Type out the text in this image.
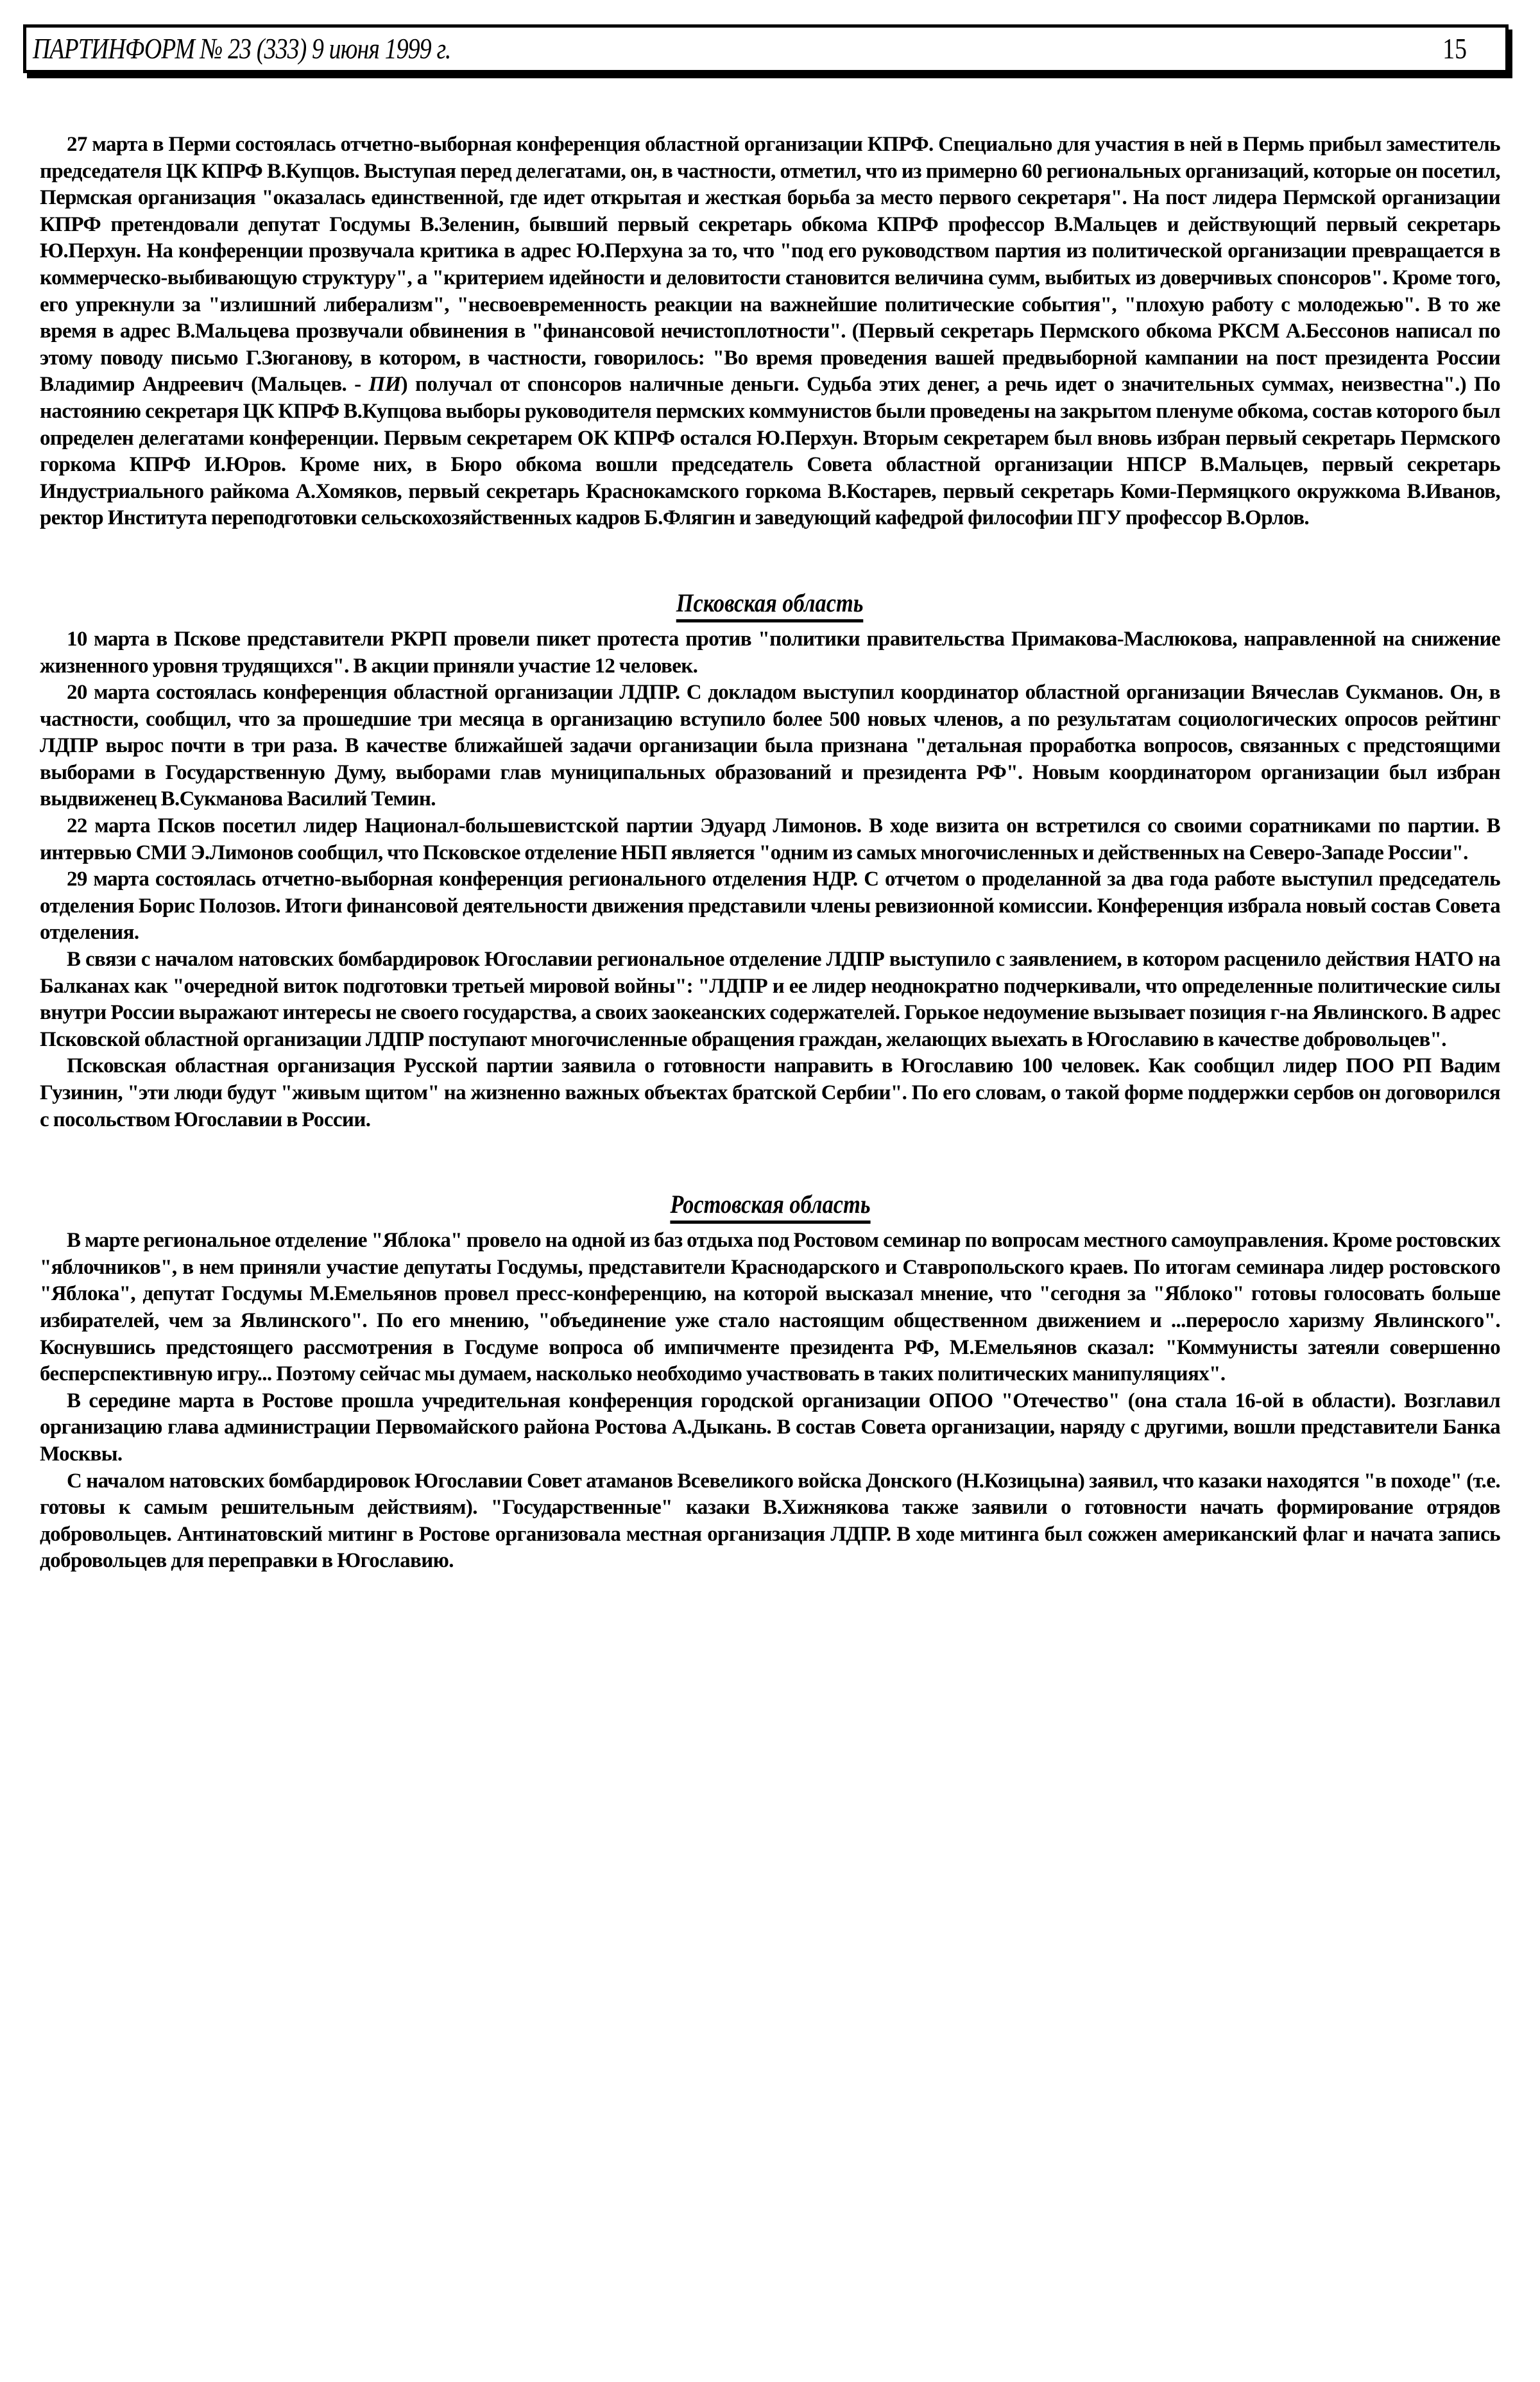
ПАРТИНФОРМ № 23 (333) 9 июня 1999 г.	15

27 марта в Перми состоялась отчетно-выборная конференция областной организации КПРФ. Специально для участия в ней в Пермь прибыл заместитель председателя ЦК КПРФ В.Купцов. Выступая перед делегатами, он, в частности, отметил, что из примерно 60 региональных организаций, которые он посетил, Пермская организация "оказалась единственной, где идет открытая и жесткая борьба за место первого секретаря". На пост лидера Пермской организации КПРФ претендовали депутат Госдумы В.Зеленин, бывший первый секретарь обкома КПРФ профессор В.Мальцев и действующий первый секретарь Ю.Перхун. На конференции прозвучала критика в адрес Ю.Перхуна за то, что "под его руководством партия из политической организации превращается в коммерческо-выбивающую структуру", а "критерием идейности и деловитости становится величина сумм, выбитых из доверчивых спонсоров". Кроме того, его упрекнули за "излишний либерализм", "несвоевременность реакции на важнейшие политические события", "плохую работу с молодежью". В то же время в адрес В.Мальцева прозвучали обвинения в "финансовой нечистоплотности". (Первый секретарь Пермского обкома РКСМ А.Бессонов написал по этому поводу письмо Г.Зюганову, в котором, в частности, говорилось: "Во время проведения вашей предвыборной кампании на пост президента России Владимир Андреевич (Мальцев. - ПИ) получал от спонсоров наличные деньги. Судьба этих денег, а речь идет о значительных суммах, неизвестна".) По настоянию секретаря ЦК КПРФ В.Купцова выборы руководителя пермских коммунистов были проведены на закрытом пленуме обкома, состав которого был определен делегатами конференции. Первым секретарем ОК КПРФ остался Ю.Перхун. Вторым секретарем был вновь избран первый секретарь Пермского горкома КПРФ И.Юров. Кроме них, в Бюро обкома вошли председатель Совета областной организации НПСР В.Мальцев, первый секретарь Индустриального райкома А.Хомяков, первый секретарь Краснокамского горкома В.Костарев, первый секретарь Коми-Пермяцкого окружкома В.Иванов, ректор Института переподготовки сельскохозяйственных кадров Б.Флягин и заведующий кафедрой философии ПГУ профессор В.Орлов.

Псковская область

10 марта в Пскове представители РКРП провели пикет протеста против "политики правительства Примакова-Маслюкова, направленной на снижение жизненного уровня трудящихся". В акции приняли участие 12 человек.

20 марта состоялась конференция областной организации ЛДПР. С докладом выступил координатор областной организации Вячеслав Сукманов. Он, в частности, сообщил, что за прошедшие три месяца в организацию вступило более 500 новых членов, а по результатам социологических опросов рейтинг ЛДПР вырос почти в три раза. В качестве ближайшей задачи организации была признана "детальная проработка вопросов, связанных с предстоящими выборами в Государственную Думу, выборами глав муниципальных образований и президента РФ". Новым координатором организации был избран выдвиженец В.Сукманова Василий Темин.

22 марта Псков посетил лидер Национал-большевистской партии Эдуард Лимонов. В ходе визита он встретился со своими соратниками по партии. В интервью СМИ Э.Лимонов сообщил, что Псковское отделение НБП является "одним из самых многочисленных и действенных на Северо-Западе России".

29 марта состоялась отчетно-выборная конференция регионального отделения НДР. С отчетом о проделанной за два года работе выступил председатель отделения Борис Полозов. Итоги финансовой деятельности движения представили члены ревизионной комиссии. Конференция избрала новый состав Совета отделения.

В связи с началом натовских бомбардировок Югославии региональное отделение ЛДПР выступило с заявлением, в котором расценило действия НАТО на Балканах как "очередной виток подготовки третьей мировой войны": "ЛДПР и ее лидер неоднократно подчеркивали, что определенные политические силы внутри России выражают интересы не своего государства, а своих заокеанских содержателей. Горькое недоумение вызывает позиция г-на Явлинского. В адрес Псковской областной организации ЛДПР поступают многочисленные обращения граждан, желающих выехать в Югославию в качестве добровольцев".

Псковская областная организация Русской партии заявила о готовности направить в Югославию 100 человек. Как сообщил лидер ПОО РП Вадим Гузинин, "эти люди будут "живым щитом" на жизненно важных объектах братской Сербии". По его словам, о такой форме поддержки сербов он договорился с посольством Югославии в России.

Ростовская область

В марте региональное отделение "Яблока" провело на одной из баз отдыха под Ростовом семинар по вопросам местного самоуправления. Кроме ростовских "яблочников", в нем приняли участие депутаты Госдумы, представители Краснодарского и Ставропольского краев. По итогам семинара лидер ростовского "Яблока", депутат Госдумы М.Емельянов провел пресс-конференцию, на которой высказал мнение, что "сегодня за "Яблоко" готовы голосовать больше избирателей, чем за Явлинского". По его мнению, "объединение уже стало настоящим общественном движением и ...переросло харизму Явлинского". Коснувшись предстоящего рассмотрения в Госдуме вопроса об импичменте президента РФ, М.Емельянов сказал: "Коммунисты затеяли совершенно бесперспективную игру... Поэтому сейчас мы думаем, насколько необходимо участвовать в таких политических манипуляциях".

В середине марта в Ростове прошла учредительная конференция городской организации ОПОО "Отечество" (она стала 16-ой в области). Возглавил организацию глава администрации Первомайского района Ростова А.Дыкань. В состав Совета организации, наряду с другими, вошли представители Банка Москвы.

С началом натовских бомбардировок Югославии Совет атаманов Всевеликого войска Донского (Н.Козицына) заявил, что казаки находятся "в походе" (т.е. готовы к самым решительным действиям). "Государственные" казаки В.Хижнякова также заявили о готовности начать формирование отрядов добровольцев. Антинатовский митинг в Ростове организовала местная организация ЛДПР. В ходе митинга был сожжен американский флаг и начата запись добровольцев для переправки в Югославию.
